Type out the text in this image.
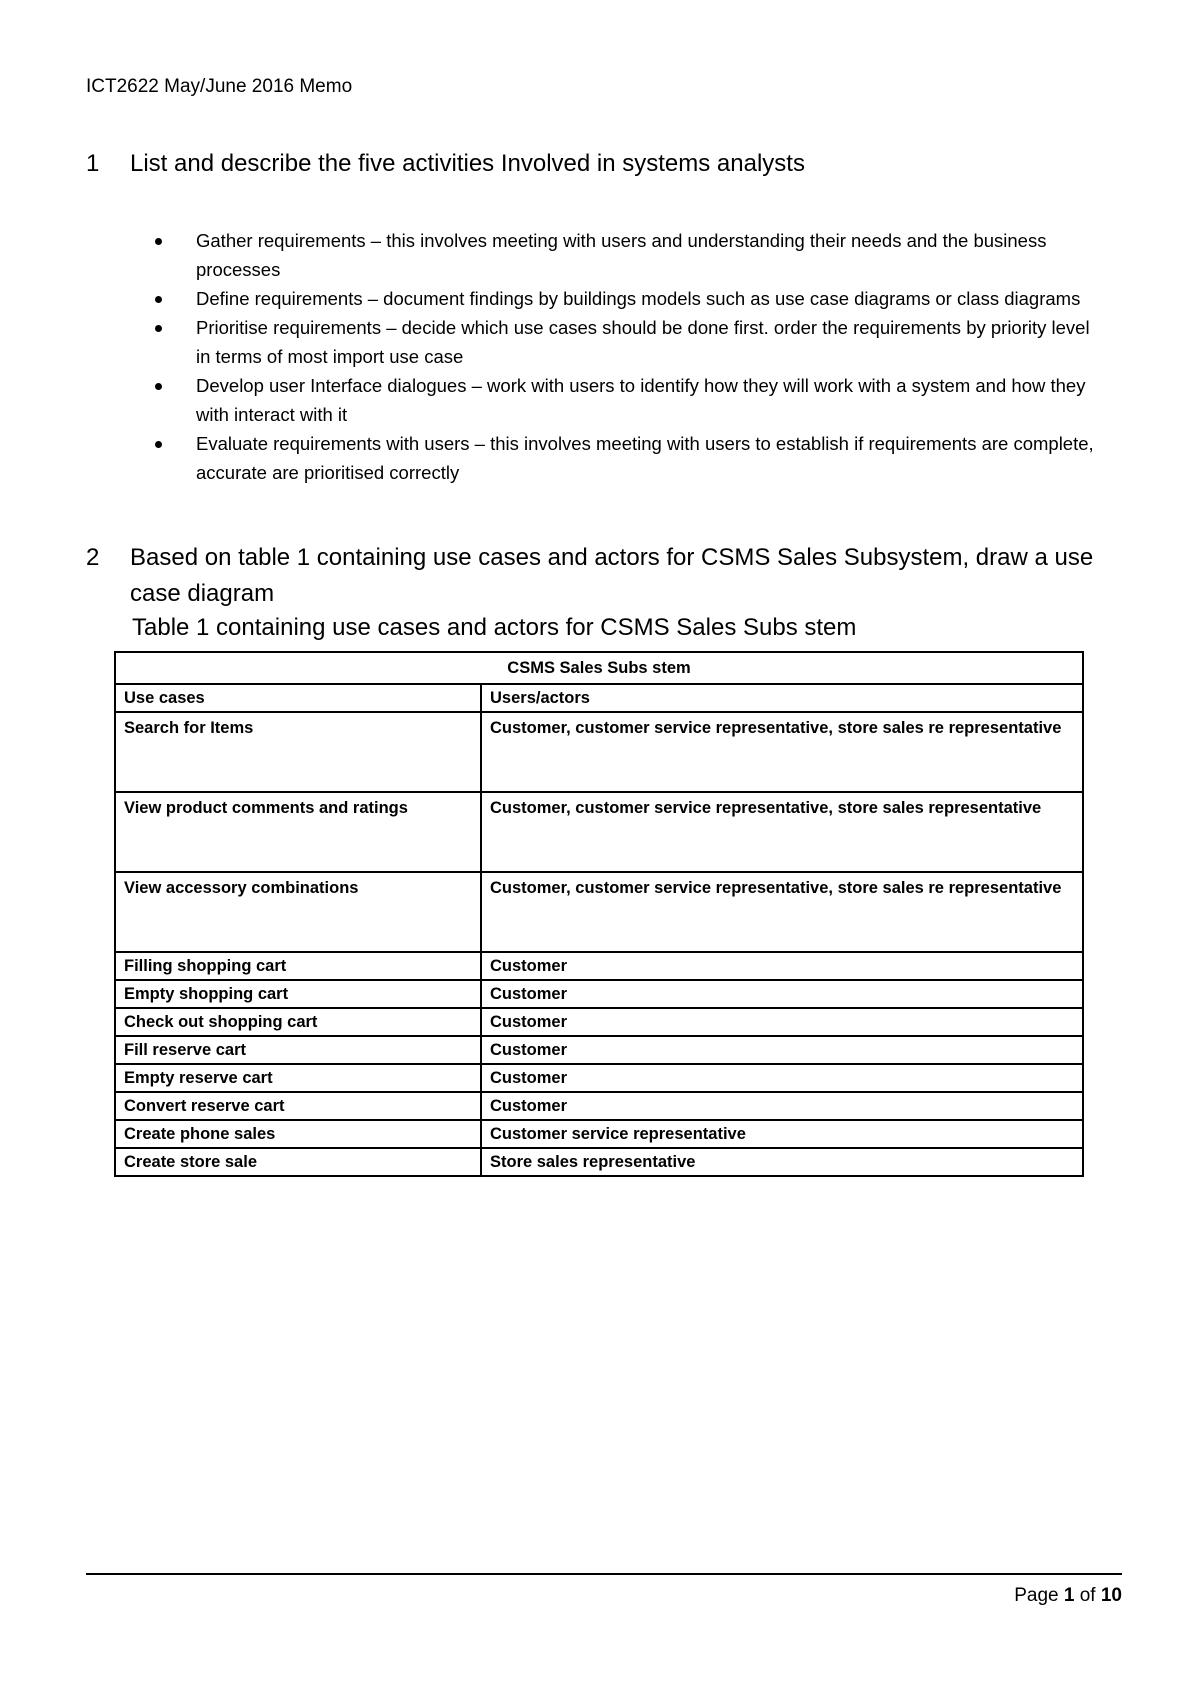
ICT2622 May/June 2016 Memo
1	List and describe the five activities Involved in systems analysts
Gather requirements – this involves meeting with users and understanding their needs and the business processes
Define requirements – document findings by buildings models such as use case diagrams or class diagrams
Prioritise requirements – decide which use cases should be done first. order the requirements by priority level in terms of most import use case
Develop user Interface dialogues – work with users to identify how they will work with a system and how they with interact with it
Evaluate requirements with users – this involves meeting with users to establish if requirements are complete, accurate are prioritised correctly
2	Based on table 1 containing use cases and actors for CSMS Sales Subsystem, draw a use case diagram
Table 1 containing use cases and actors for CSMS Sales Subs stem
CSMS Sales Subs stem	
Use cases	Users/actors
Search for Items	Customer, customer service representative, store sales re representative
View product comments and ratings	Customer, customer service representative, store sales representative
View accessory combinations	Customer, customer service representative, store sales re representative
Filling shopping cart	Customer
Empty shopping cart	Customer
Check out shopping cart	Customer
Fill reserve cart	Customer
Empty reserve cart	Customer
Convert reserve cart	Customer
Create phone sales	Customer service representative
Create store sale	Store sales representative
Page 1 of 10
